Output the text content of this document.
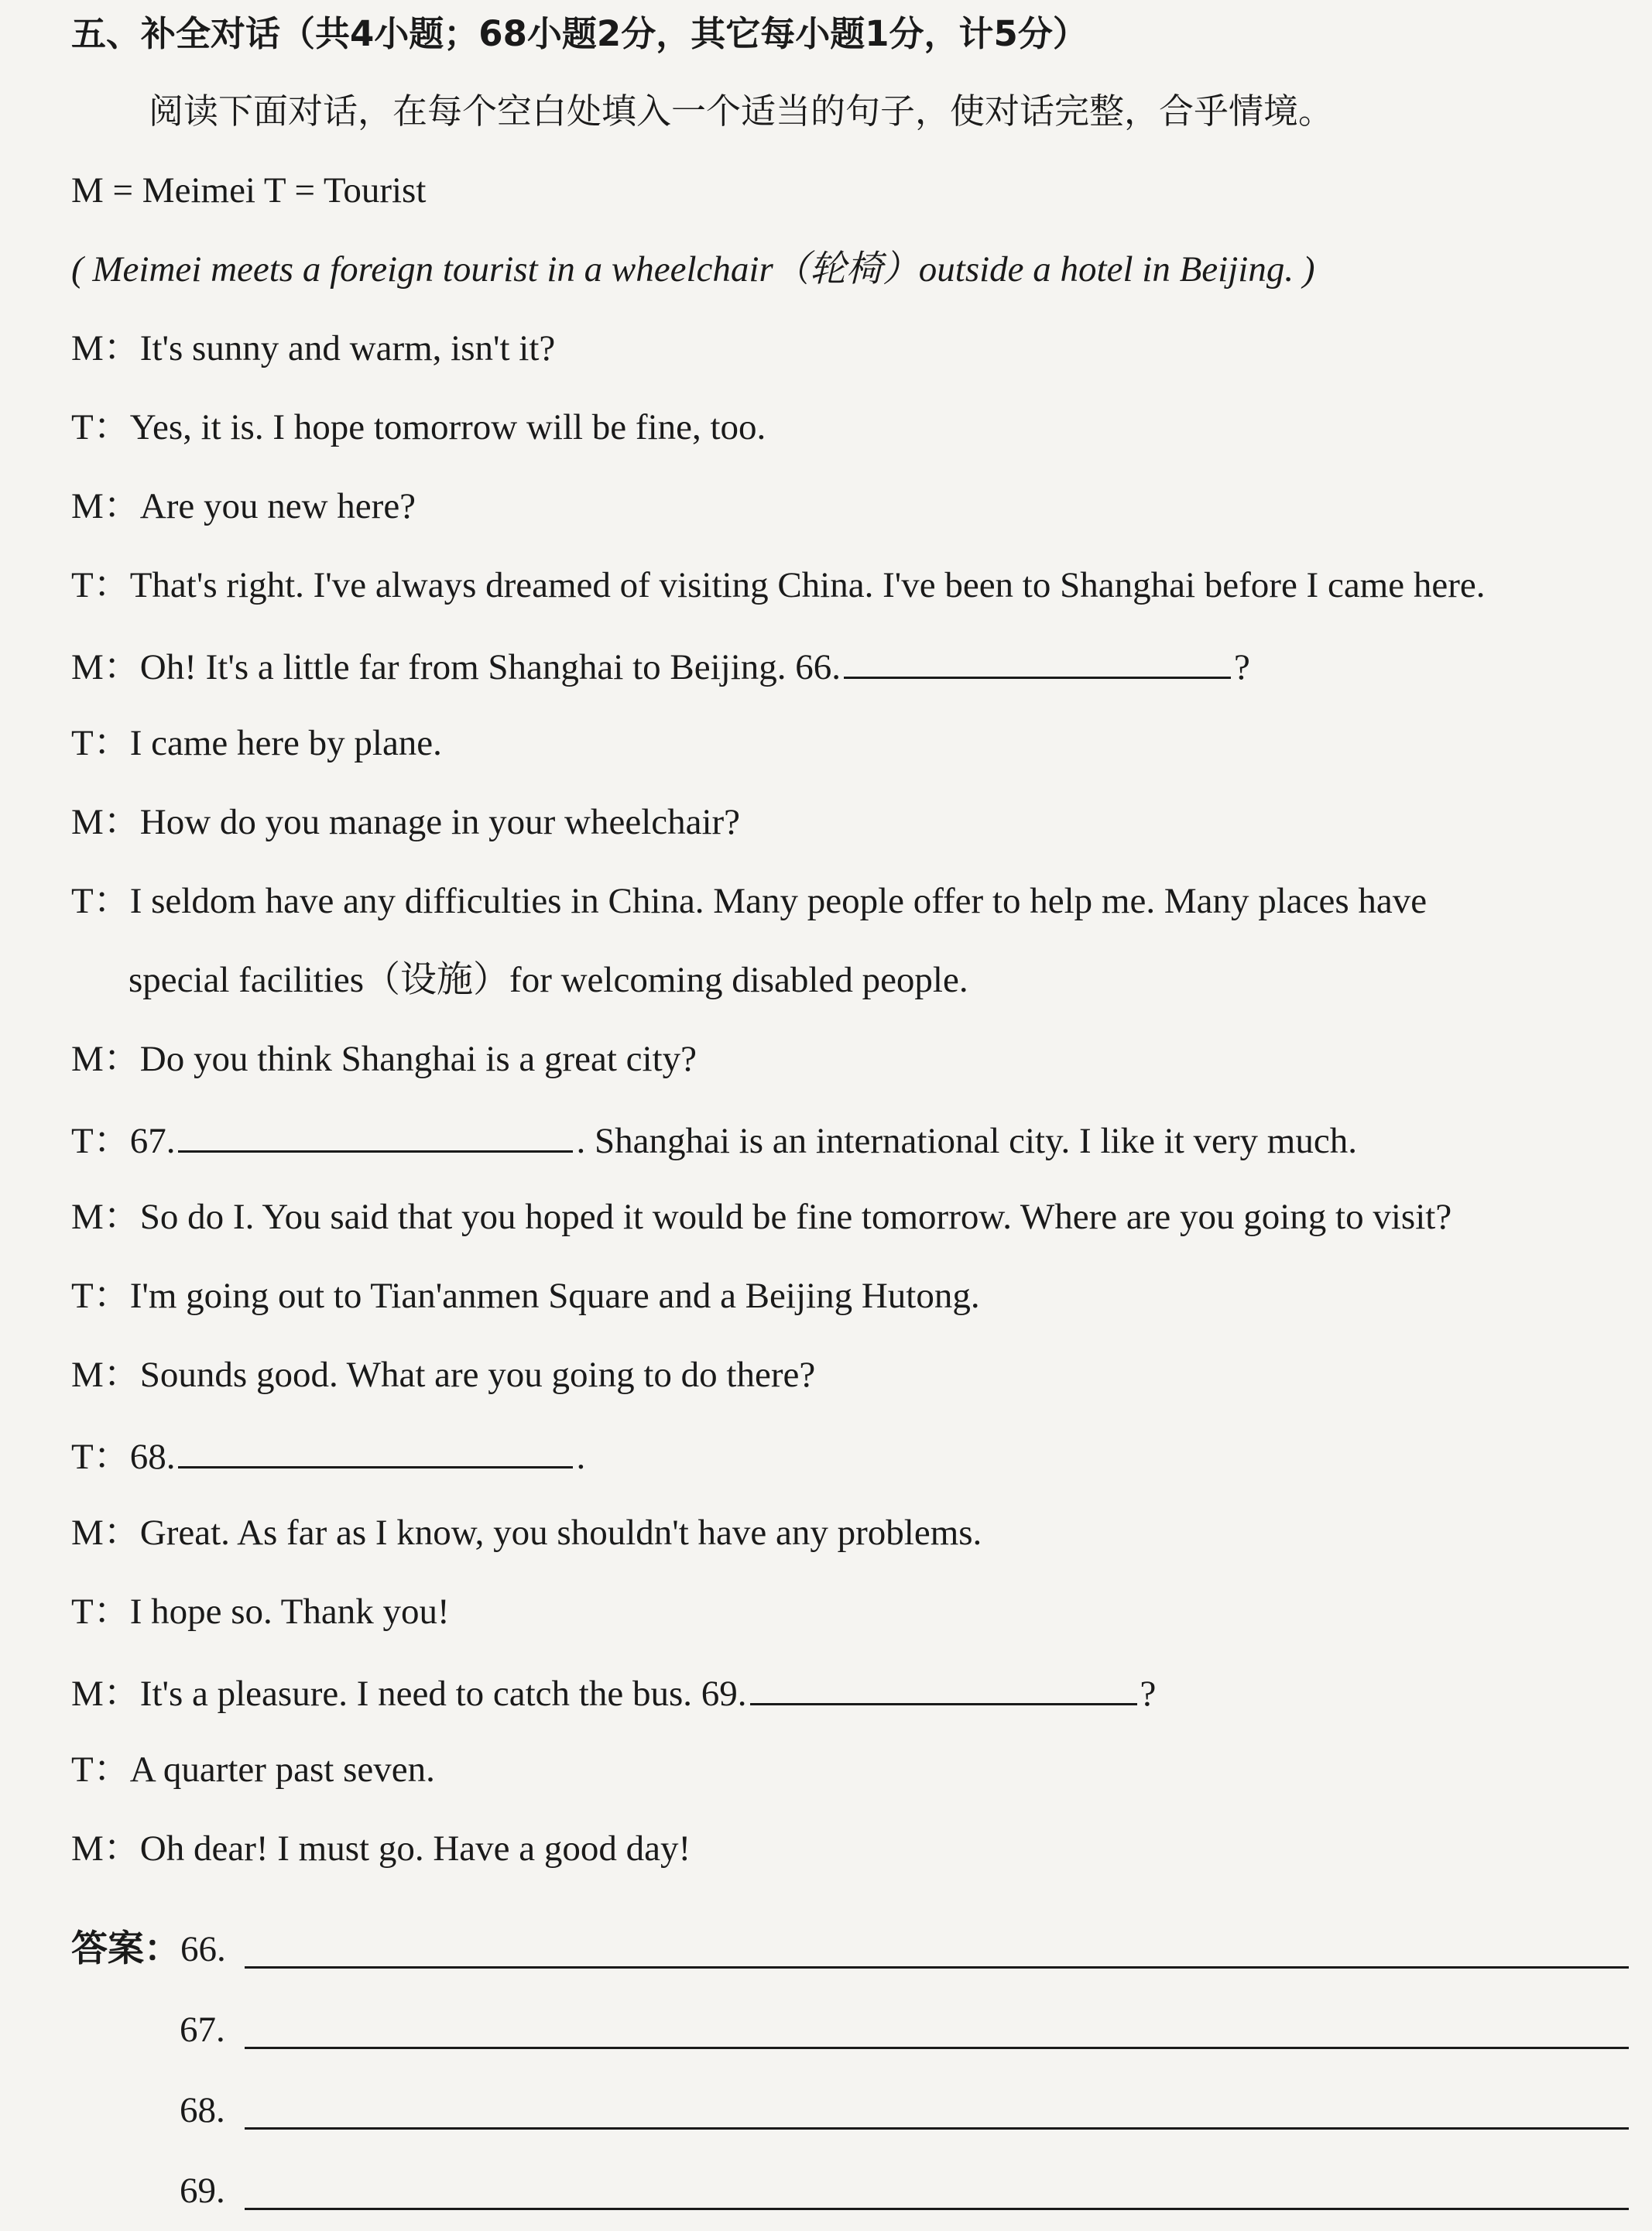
五、补全对话（共4小题；68小题2分，其它每小题1分，计5分）
阅读下面对话，在每个空白处填入一个适当的句子，使对话完整，合乎情境。
M = Meimei T = Tourist
( Meimei meets a foreign tourist in a wheelchair（轮椅）outside a hotel in Beijing. )
M：It's sunny and warm, isn't it?
T：Yes, it is. I hope tomorrow will be fine, too.
M：Are you new here?
T：That's right. I've always dreamed of visiting China. I've been to Shanghai before I came here.
M：Oh! It's a little far from Shanghai to Beijing. 66.	?
T：I came here by plane.
M：How do you manage in your wheelchair?
T：I seldom have any difficulties in China. Many people offer to help me. Many places have
special facilities（设施）for welcoming disabled people.
M：Do you think Shanghai is a great city?
T：67.	. Shanghai is an international city. I like it very much.
M：So do I. You said that you hoped it would be fine tomorrow. Where are you going to visit?
T：I'm going out to Tian'anmen Square and a Beijing Hutong.
M：Sounds good. What are you going to do there?
T：68.	.
M：Great. As far as I know, you shouldn't have any problems.
T：I hope so. Thank you!
M：It's a pleasure. I need to catch the bus. 69.	?
T：A quarter past seven.
M：Oh dear! I must go. Have a good day!
答案：66.
67.
68.
69.
